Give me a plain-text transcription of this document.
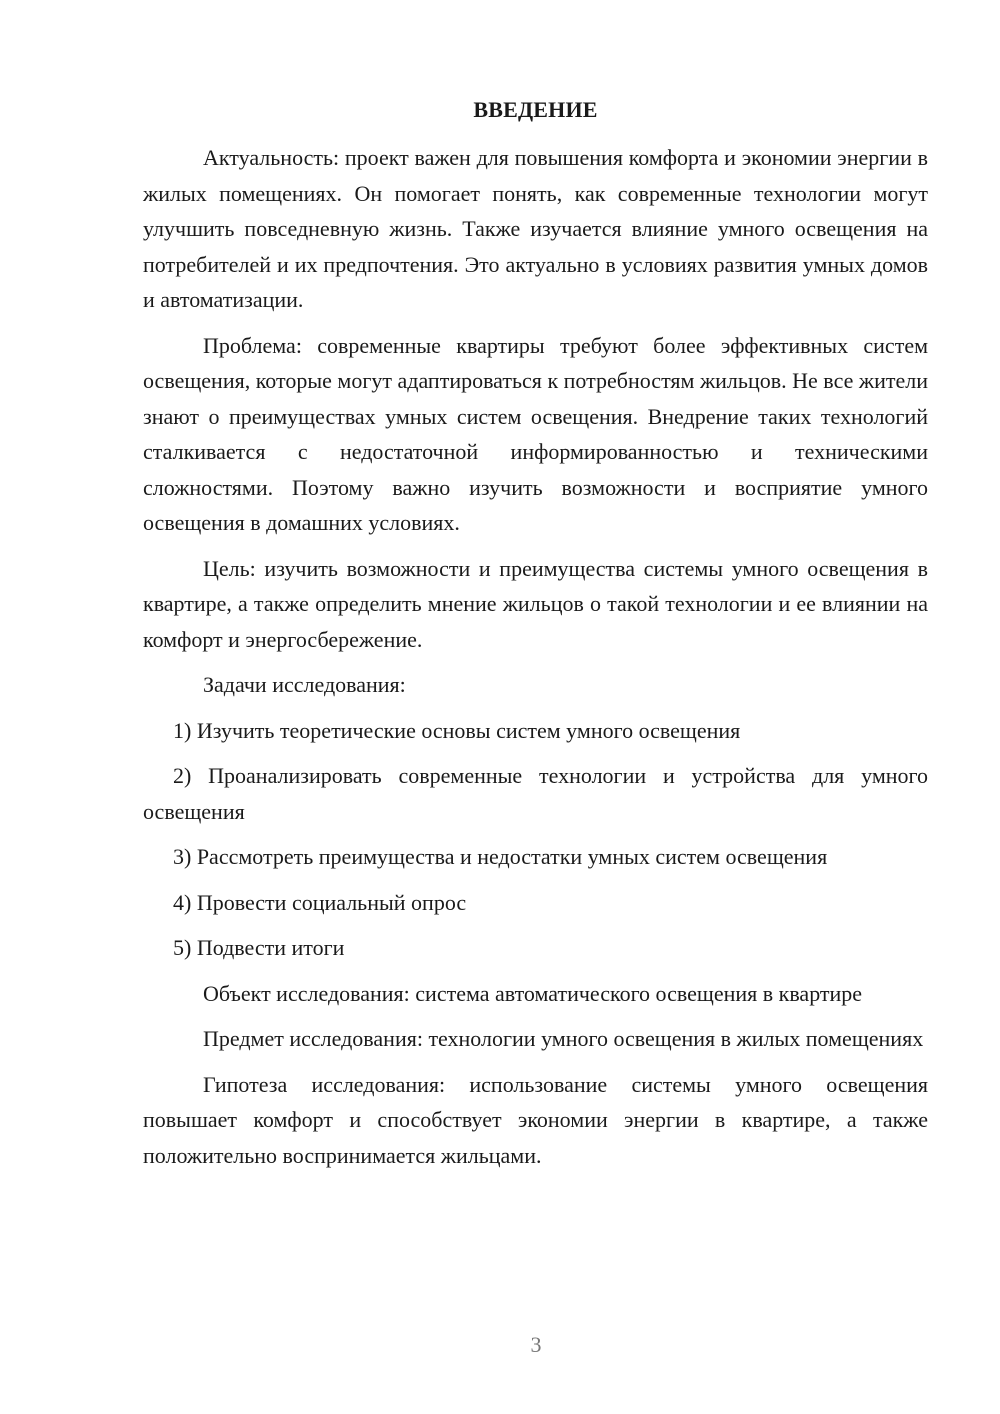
ВВЕДЕНИЕ

Актуальность: проект важен для повышения комфорта и экономии энергии в жилых помещениях. Он помогает понять, как современные технологии могут улучшить повседневную жизнь. Также изучается влияние умного освещения на потребителей и их предпочтения. Это актуально в условиях развития умных домов и автоматизации.

Проблема: современные квартиры требуют более эффективных систем освещения, которые могут адаптироваться к потребностям жильцов. Не все жители знают о преимуществах умных систем освещения. Внедрение таких технологий сталкивается с недостаточной информированностью и техническими сложностями. Поэтому важно изучить возможности и восприятие умного освещения в домашних условиях.

Цель: изучить возможности и преимущества системы умного освещения в квартире, а также определить мнение жильцов о такой технологии и ее влиянии на комфорт и энергосбережение.

Задачи исследования:

1) Изучить теоретические основы систем умного освещения

2) Проанализировать современные технологии и устройства для умного освещения

3) Рассмотреть преимущества и недостатки умных систем освещения

4) Провести социальный опрос

5) Подвести итоги

Объект исследования: система автоматического освещения в квартире

Предмет исследования: технологии умного освещения в жилых помещениях

Гипотеза исследования: использование системы умного освещения повышает комфорт и способствует экономии энергии в квартире, а также положительно воспринимается жильцами.

3
